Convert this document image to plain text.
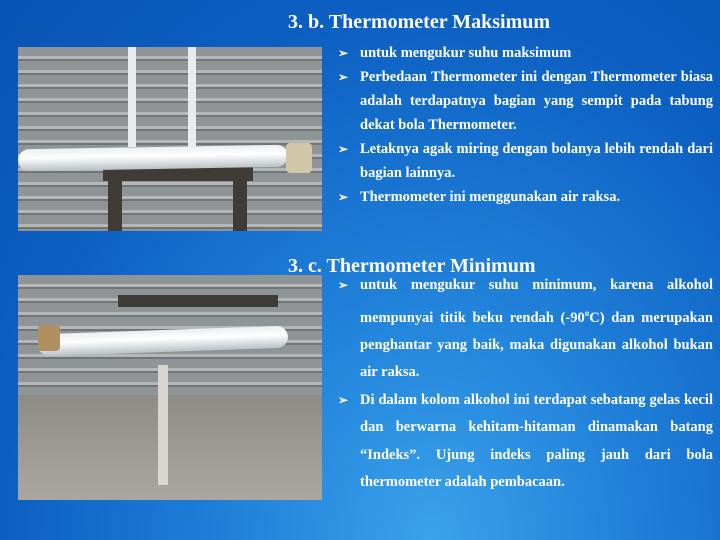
3. b. Thermometer Maksimum
➢ untuk mengukur suhu maksimum
➢ Perbedaan Thermometer ini dengan Thermometer biasa adalah terdapatnya bagian yang sempit pada tabung dekat bola Thermometer.
➢ Letaknya agak miring dengan bolanya lebih rendah dari bagian lainnya.
➢ Thermometer ini menggunakan air raksa.
3. c. Thermometer Minimum
➢ untuk mengukur suhu minimum, karena alkohol mempunyai titik beku rendah (-90$^o$C) dan merupakan penghantar yang baik, maka digunakan alkohol bukan air raksa.
➢ Di dalam kolom alkohol ini terdapat sebatang gelas kecil dan berwarna kehitam-hitaman dinamakan batang “Indeks”. Ujung indeks paling jauh dari bola thermometer adalah pembacaan.
